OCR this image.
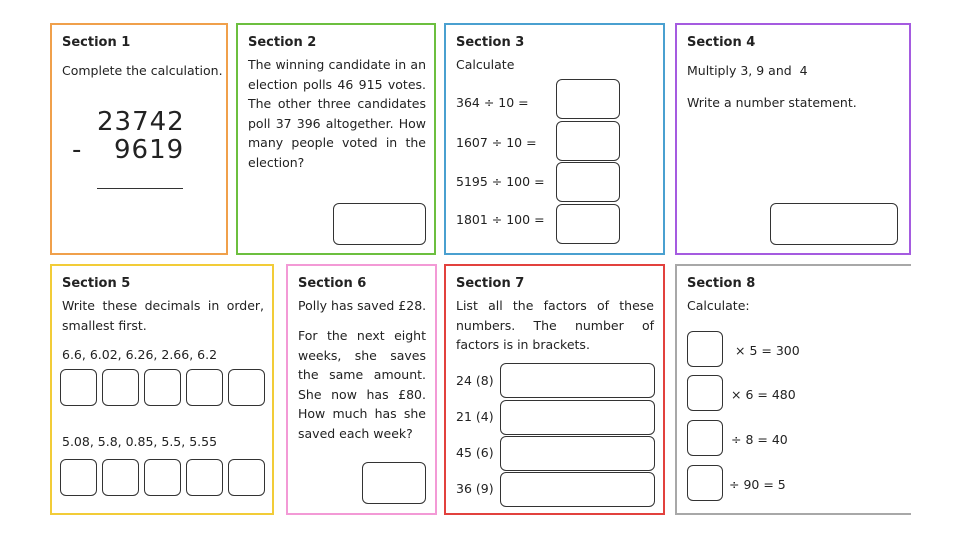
Section 1
Complete the calculation.
23742
- 9619
Section 2
The winning candidate in an election polls 46 915 votes. The other three candidates poll 37 396 altogether. How many people voted in the election?
Section 3
Calculate
364 ÷ 10 =
1607 ÷ 10 =
5195 ÷ 100 =
1801 ÷ 100 =
Section 4
Multiply 3, 9 and  4
Write a number statement.
Section 5
Write these decimals in order, smallest first.
6.6, 6.02, 6.26, 2.66, 6.2
5.08, 5.8, 0.85, 5.5, 5.55
Section 6
Polly has saved £28.
For the next eight weeks, she saves the same amount. She now has £80. How much has she saved each week?
Section 7
List all the factors of these numbers. The number of factors is in brackets.
24 (8)
21 (4)
45 (6)
36 (9)
Section 8
Calculate:
× 5 = 300
× 6 = 480
÷ 8 = 40
÷ 90 = 5
